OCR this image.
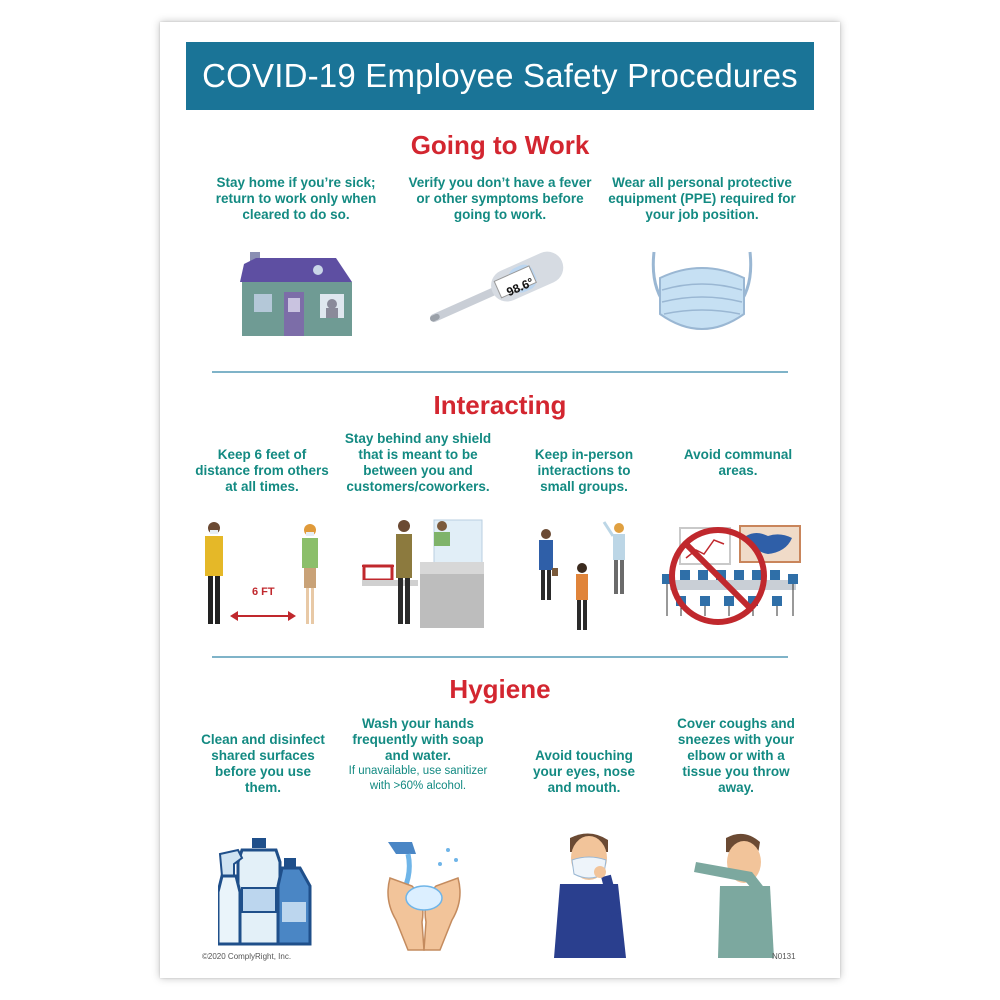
COVID-19 Employee Safety Procedures
Going to Work
Stay home if you’re sick; return to work only when cleared to do so.
Verify you don’t have a fever or other symptoms before going to work.
Wear all personal protective equipment (PPE) required for your job position.
98.6°
Interacting
Keep 6 feet of distance from others at all times.
Stay behind any shield that is meant to be between you and customers/coworkers.
Keep in-person interactions to small groups.
Avoid communal areas.
6 FT
Hygiene
Clean and disinfect shared surfaces before you use them.
Wash your hands frequently with soap and water.
If unavailable, use sanitizer with >60% alcohol.
Avoid touching your eyes, nose and mouth.
Cover coughs and sneezes with your elbow or with a tissue you throw away.
©2020 ComplyRight, Inc.	N0131
